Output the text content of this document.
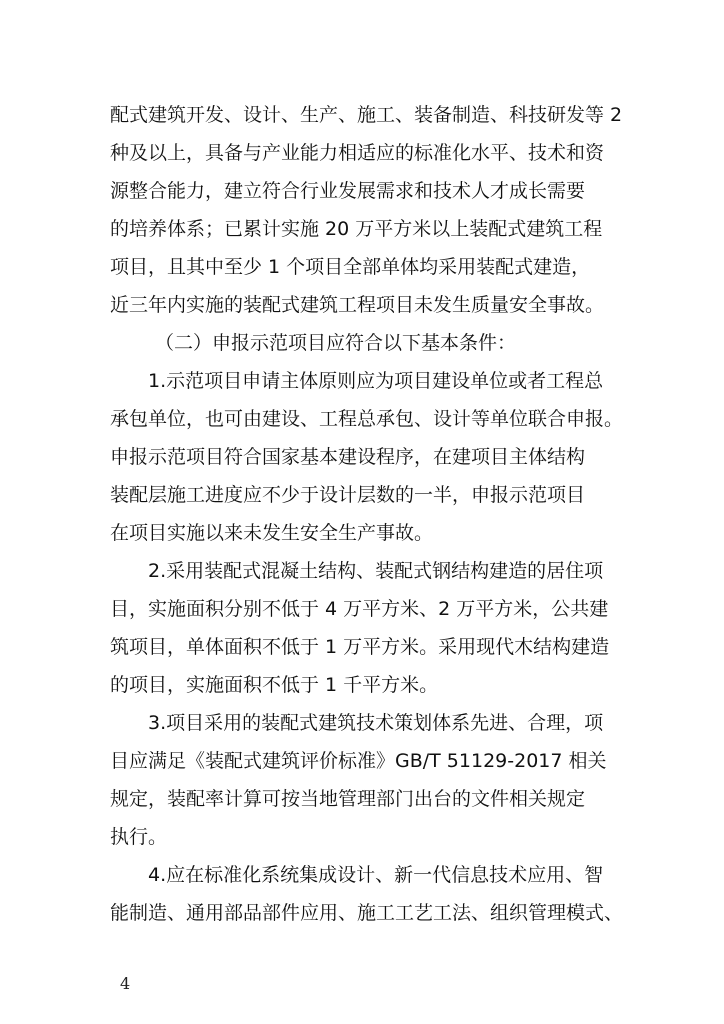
配式建筑开发、设计、生产、施工、装备制造、科技研发等 2
种及以上，具备与产业能力相适应的标准化水平、技术和资
源整合能力，建立符合行业发展需求和技术人才成长需要
的培养体系；已累计实施 20 万平方米以上装配式建筑工程
项目，且其中至少 1 个项目全部单体均采用装配式建造，
近三年内实施的装配式建筑工程项目未发生质量安全事故。
（二）申报示范项目应符合以下基本条件：
1.示范项目申请主体原则应为项目建设单位或者工程总
承包单位，也可由建设、工程总承包、设计等单位联合申报。
申报示范项目符合国家基本建设程序，在建项目主体结构
装配层施工进度应不少于设计层数的一半，申报示范项目
在项目实施以来未发生安全生产事故。
2.采用装配式混凝土结构、装配式钢结构建造的居住项
目，实施面积分别不低于 4 万平方米、2 万平方米，公共建
筑项目，单体面积不低于 1 万平方米。采用现代木结构建造
的项目，实施面积不低于 1 千平方米。
3.项目采用的装配式建筑技术策划体系先进、合理，项
目应满足《装配式建筑评价标准》GB/T 51129-2017 相关
规定，装配率计算可按当地管理部门出台的文件相关规定
执行。
4.应在标准化系统集成设计、新一代信息技术应用、智
能制造、通用部品部件应用、施工工艺工法、组织管理模式、
4
